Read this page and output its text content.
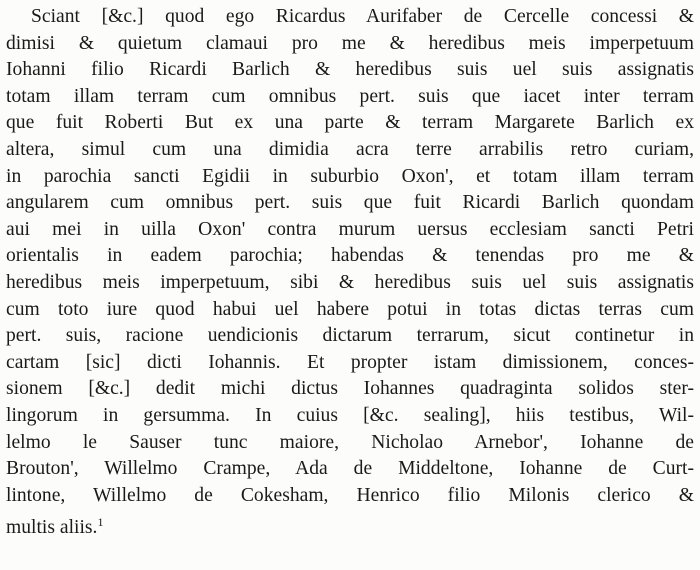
Sciant [&c.] quod ego Ricardus Aurifaber de Cercelle concessi &
dimisi & quietum clamaui pro me & heredibus meis imperpetuum
Iohanni filio Ricardi Barlich & heredibus suis uel suis assignatis
totam illam terram cum omnibus pert. suis que iacet inter terram
que fuit Roberti But ex una parte & terram Margarete Barlich ex
altera, simul cum una dimidia acra terre arrabilis retro curiam,
in parochia sancti Egidii in suburbio Oxon', et totam illam terram
angularem cum omnibus pert. suis que fuit Ricardi Barlich quondam
aui mei in uilla Oxon' contra murum uersus ecclesiam sancti Petri
orientalis in eadem parochia; habendas & tenendas pro me &
heredibus meis imperpetuum, sibi & heredibus suis uel suis assignatis
cum toto iure quod habui uel habere potui in totas dictas terras cum
pert. suis, racione uendicionis dictarum terrarum, sicut continetur in
cartam [sic] dicti Iohannis. Et propter istam dimissionem, conces-
sionem [&c.] dedit michi dictus Iohannes quadraginta solidos ster-
lingorum in gersumma. In cuius [&c. sealing], hiis testibus, Wil-
lelmo le Sauser tunc maiore, Nicholao Arnebor', Iohanne de
Brouton', Willelmo Crampe, Ada de Middeltone, Iohanne de Curt-
lintone, Willelmo de Cokesham, Henrico filio Milonis clerico &
multis aliis.$^1$
